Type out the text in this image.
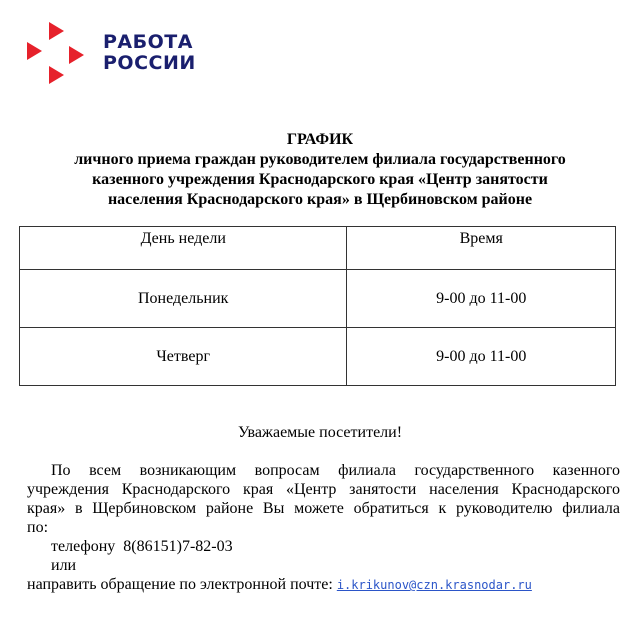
РАБОТА
РОССИИ
ГРАФИК
личного приема граждан руководителем филиала государственного
казенного учреждения Краснодарского края «Центр занятости
населения Краснодарского края» в Щербиновском районе
День недели	Время
Понедельник	9-00 до 11-00
Четверг	9-00 до 11-00
Уважаемые посетители!
По всем возникающим вопросам филиала государственного казенного
учреждения Краснодарского края «Центр занятости населения Краснодарского
края» в Щербиновском районе Вы можете обратиться к руководителю филиала
по:
телефону  8(86151)7-82-03
или
направить обращение по электронной почте: i.krikunov@czn.krasnodar.ru
